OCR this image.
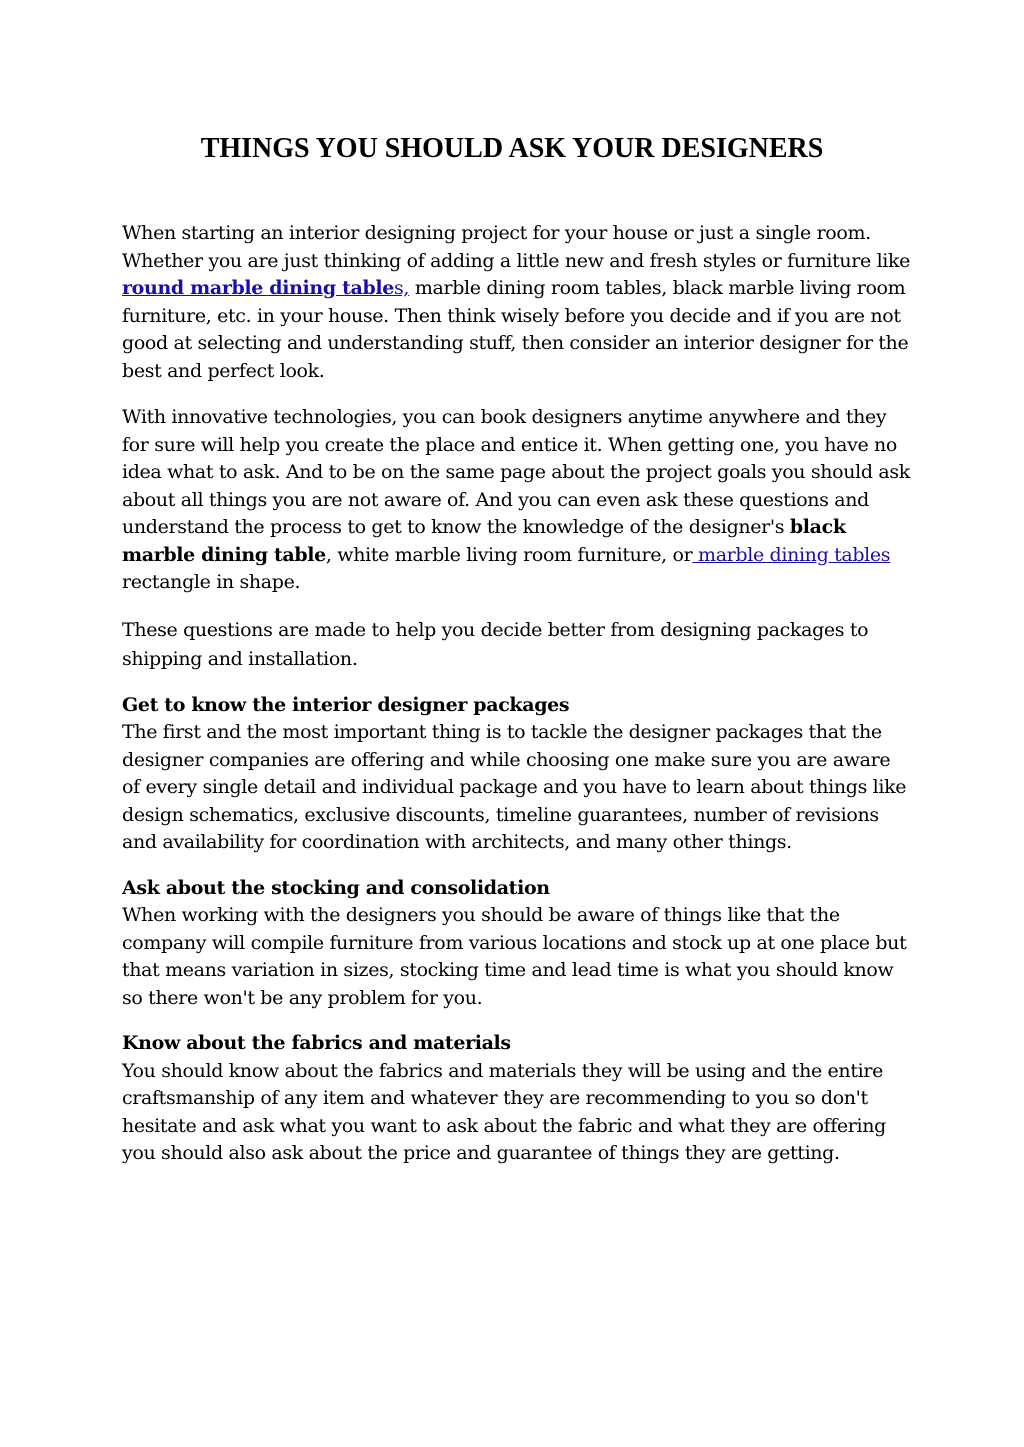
THINGS YOU SHOULD ASK YOUR DESIGNERS

When starting an interior designing project for your house or just a single room. Whether you are just thinking of adding a little new and fresh styles or furniture like round marble dining tables, marble dining room tables, black marble living room furniture, etc. in your house. Then think wisely before you decide and if you are not good at selecting and understanding stuff, then consider an interior designer for the best and perfect look.

With innovative technologies, you can book designers anytime anywhere and they for sure will help you create the place and entice it. When getting one, you have no idea what to ask. And to be on the same page about the project goals you should ask about all things you are not aware of. And you can even ask these questions and understand the process to get to know the knowledge of the designer's black marble dining table, white marble living room furniture, or marble dining tables rectangle in shape.

These questions are made to help you decide better from designing packages to shipping and installation.

Get to know the interior designer packages

The first and the most important thing is to tackle the designer packages that the designer companies are offering and while choosing one make sure you are aware of every single detail and individual package and you have to learn about things like design schematics, exclusive discounts, timeline guarantees, number of revisions and availability for coordination with architects, and many other things.

Ask about the stocking and consolidation

When working with the designers you should be aware of things like that the company will compile furniture from various locations and stock up at one place but that means variation in sizes, stocking time and lead time is what you should know so there won't be any problem for you.

Know about the fabrics and materials

You should know about the fabrics and materials they will be using and the entire craftsmanship of any item and whatever they are recommending to you so don't hesitate and ask what you want to ask about the fabric and what they are offering you should also ask about the price and guarantee of things they are getting.
